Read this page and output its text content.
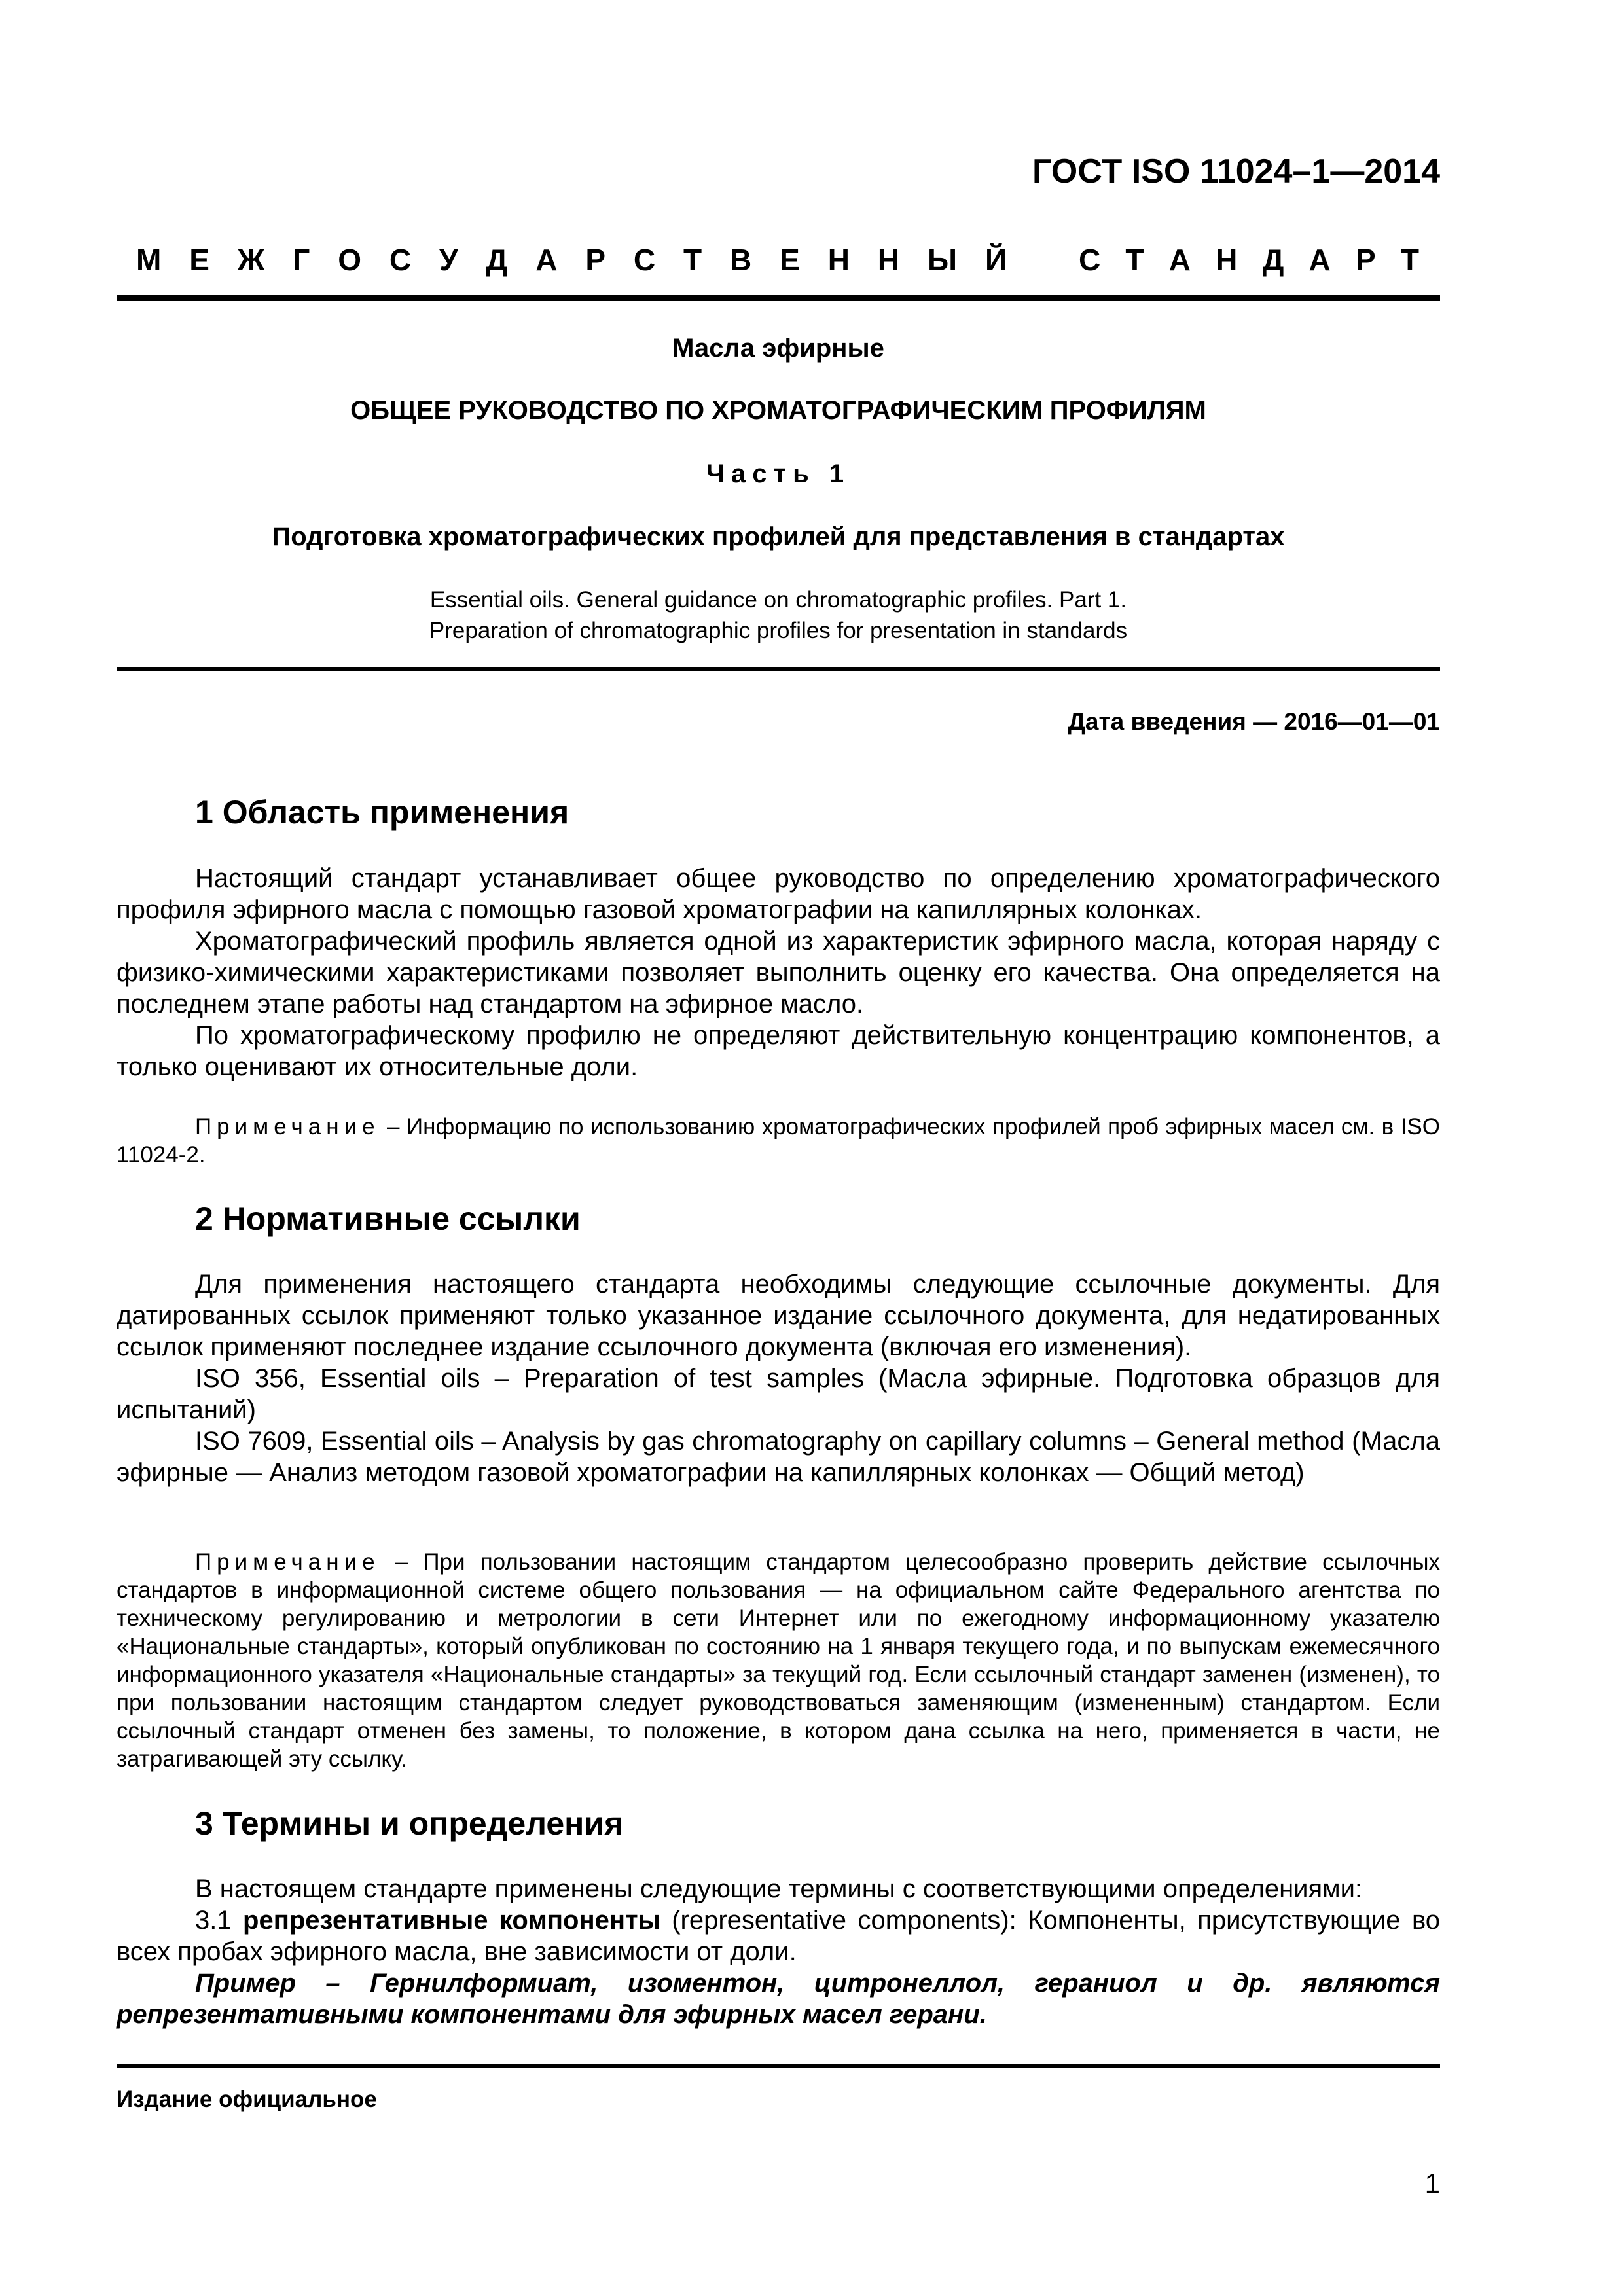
ГОСТ ISO 11024–1—2014
М Е Ж Г О С У Д А Р С Т В Е Н Н Ы Й С Т А Н Д А Р Т
Масла эфирные
ОБЩЕЕ РУКОВОДСТВО ПО ХРОМАТОГРАФИЧЕСКИМ ПРОФИЛЯМ
Часть 1
Подготовка хроматографических профилей для представления в стандартах
Essential oils. General guidance on chromatographic profiles. Part 1.
Preparation of chromatographic profiles for presentation in standards
Дата введения — 2016—01—01
1 Область применения

Настоящий стандарт устанавливает общее руководство по определению хроматографического профиля эфирного масла с помощью газовой хроматографии на капиллярных колонках.

Хроматографический профиль является одной из характеристик эфирного масла, которая наряду с физико-химическими характеристиками позволяет выполнить оценку его качества. Она определяется на последнем этапе работы над стандартом на эфирное масло.

По хроматографическому профилю не определяют действительную концентрацию компонентов, а только оценивают их относительные доли.

Примечание – Информацию по использованию хроматографических профилей проб эфирных масел см. в ISO 11024-2.

2 Нормативные ссылки

Для применения настоящего стандарта необходимы следующие ссылочные документы. Для датированных ссылок применяют только указанное издание ссылочного документа, для недатированных ссылок применяют последнее издание ссылочного документа (включая его изменения).

ISO 356, Essential oils – Preparation of test samples (Масла эфирные. Подготовка образцов для испытаний)

ISO 7609, Essential oils – Analysis by gas chromatography on capillary columns – General method (Масла эфирные — Анализ методом газовой хроматографии на капиллярных колонках — Общий метод)

Примечание – При пользовании настоящим стандартом целесообразно проверить действие ссылочных стандартов в информационной системе общего пользования — на официальном сайте Федерального агентства по техническому регулированию и метрологии в сети Интернет или по ежегодному информационному указателю «Национальные стандарты», который опубликован по состоянию на 1 января текущего года, и по выпускам ежемесячного информационного указателя «Национальные стандарты» за текущий год. Если ссылочный стандарт заменен (изменен), то при пользовании настоящим стандартом следует руководствоваться заменяющим (измененным) стандартом. Если ссылочный стандарт отменен без замены, то положение, в котором дана ссылка на него, применяется в части, не затрагивающей эту ссылку.

3 Термины и определения

В настоящем стандарте применены следующие термины с соответствующими определениями:

3.1 репрезентативные компоненты (representative components): Компоненты, присутствующие во всех пробах эфирного масла, вне зависимости от доли.

Пример – Гернилформиат, изоментон, цитронеллол, гераниол и др. являются репрезентативными компонентами для эфирных масел герани.

Издание официальное
1
